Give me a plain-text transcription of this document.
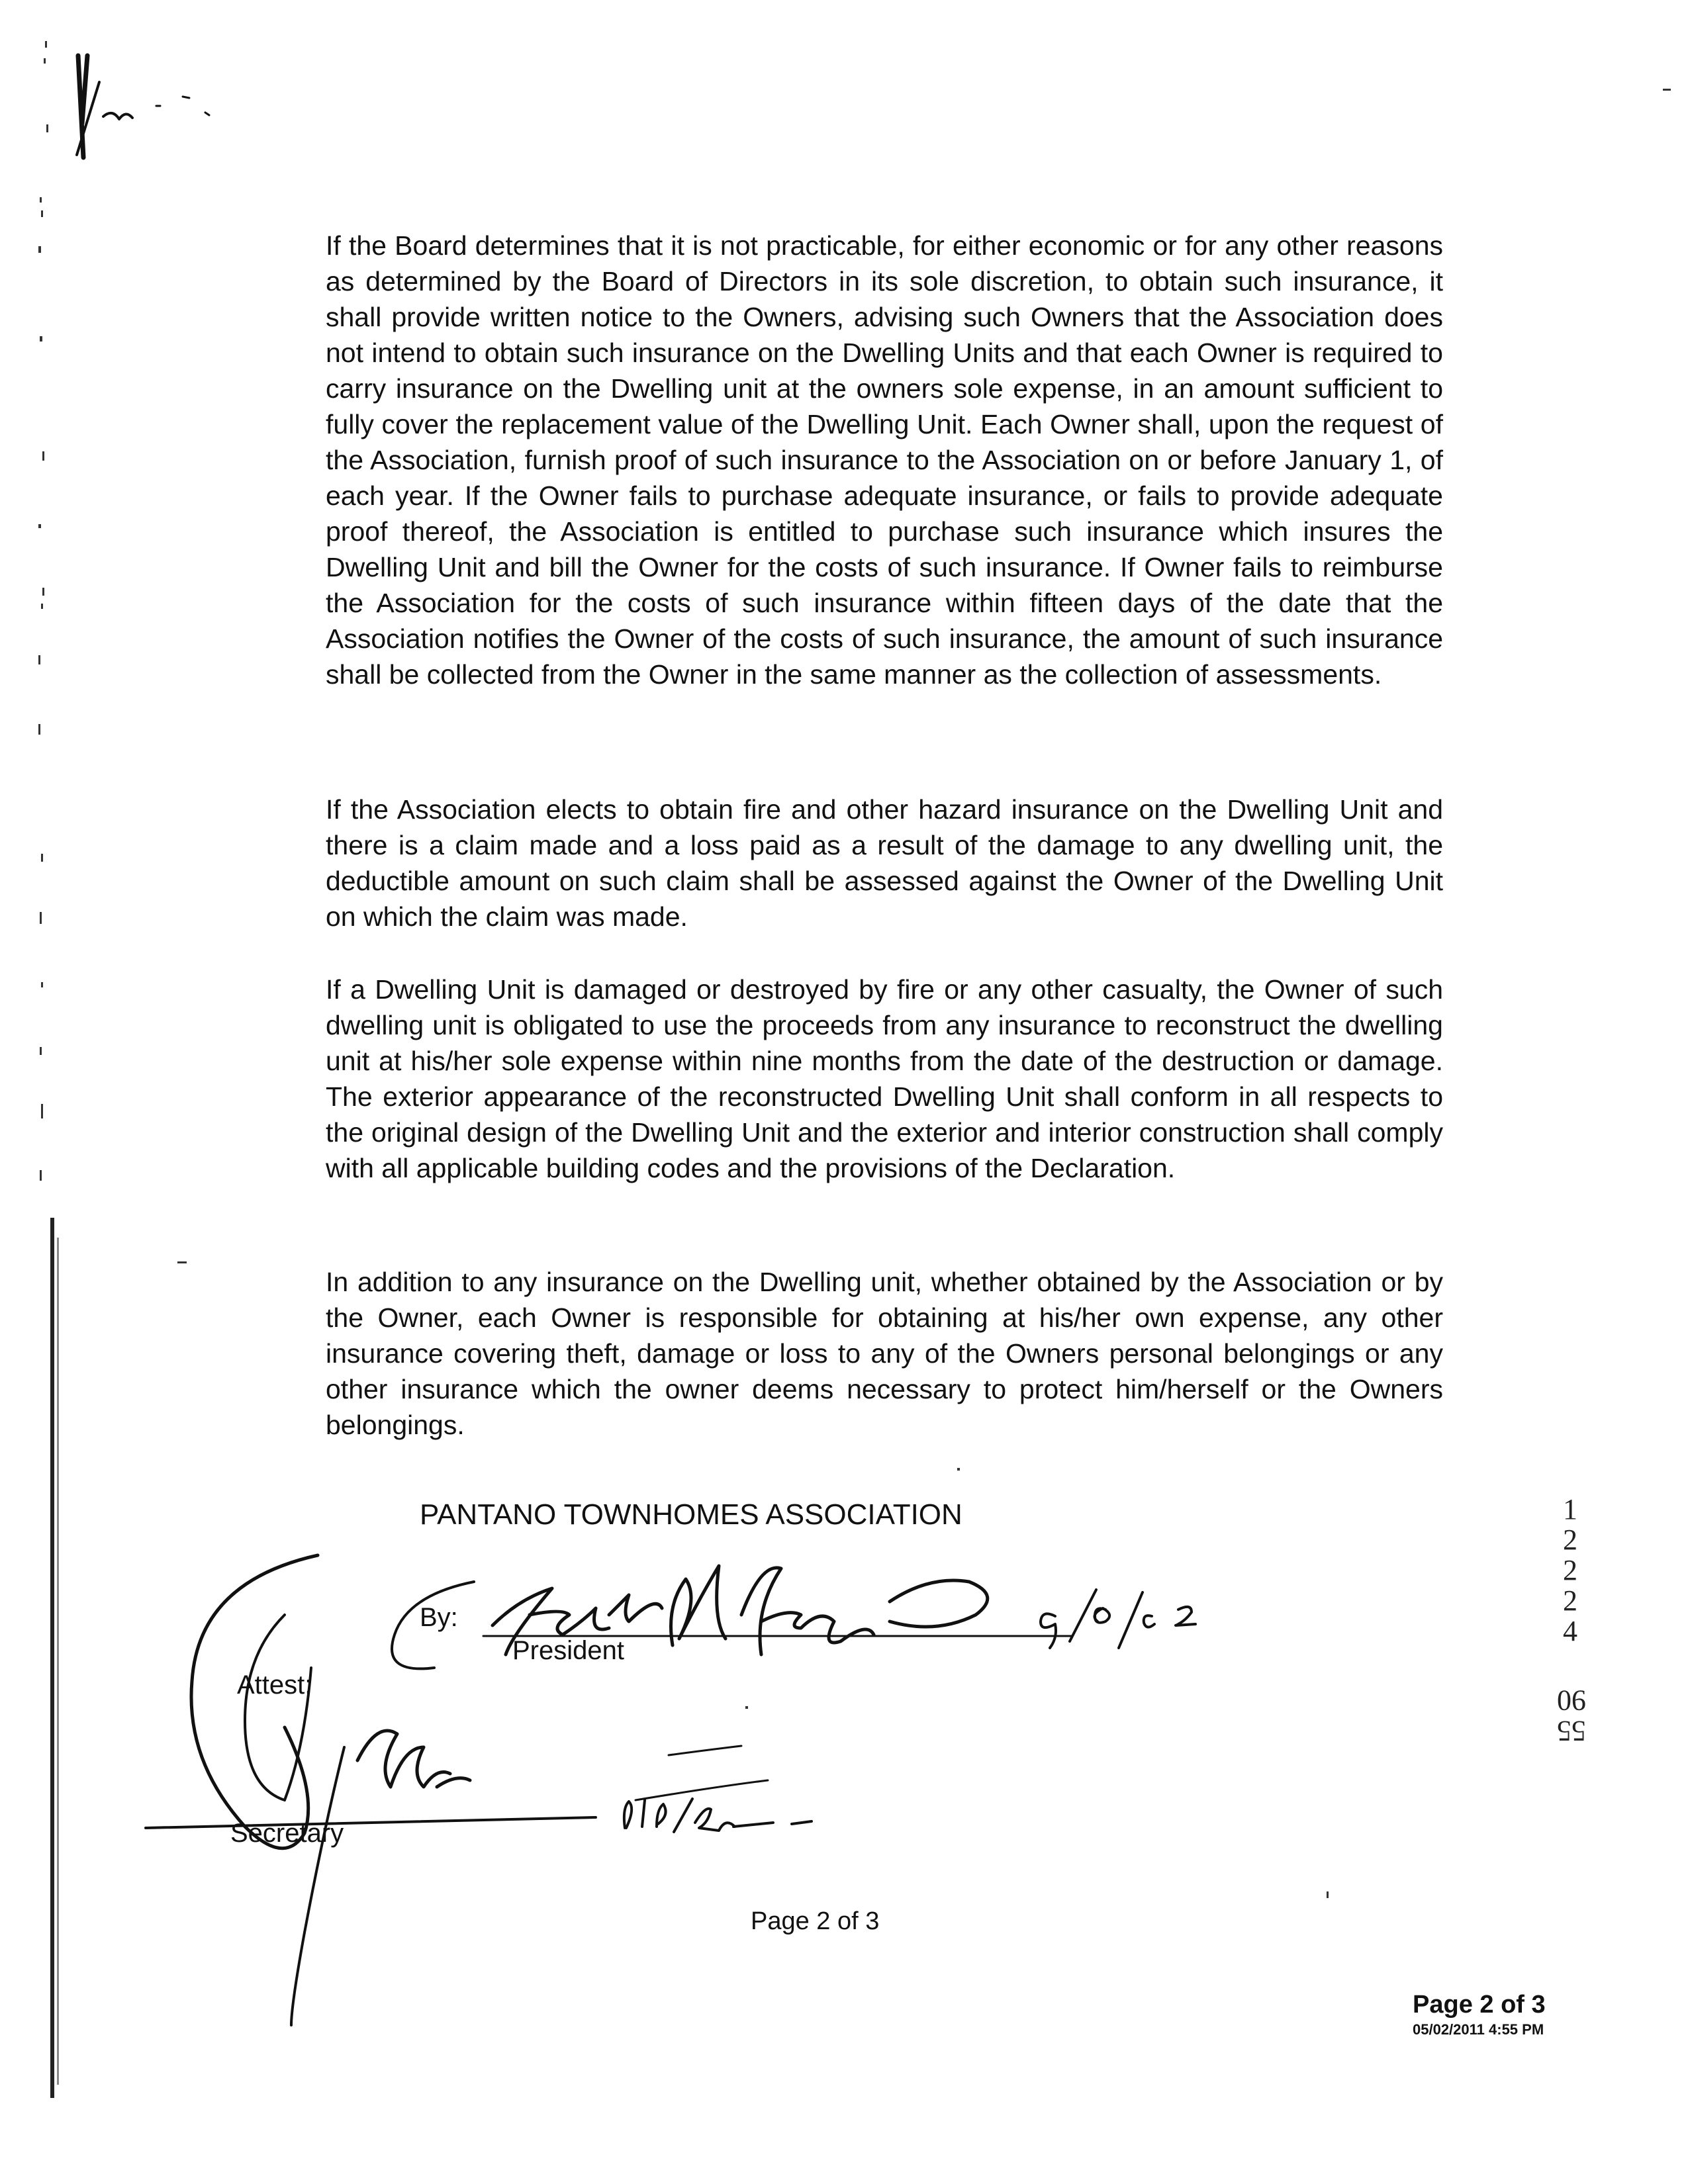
If the Board determines that it is not practicable, for either economic or for any other reasons as determined by the Board of Directors in its sole discretion, to obtain such insurance, it shall provide written notice to the Owners, advising such Owners that the Association does not intend to obtain such insurance on the Dwelling Units and that each Owner is required to carry insurance on the Dwelling unit at the owners sole expense, in an amount sufficient to fully cover the replacement value of the Dwelling Unit. Each Owner shall, upon the request of the Association, furnish proof of such insurance to the Association on or before January 1, of each year. If the Owner fails to purchase adequate insurance, or fails to provide adequate proof thereof, the Association is entitled to purchase such insurance which insures the Dwelling Unit and bill the Owner for the costs of such insurance. If Owner fails to reimburse the Association for the costs of such insurance within fifteen days of the date that the Association notifies the Owner of the costs of such insurance, the amount of such insurance shall be collected from the Owner in the same manner as the collection of assessments.

If the Association elects to obtain fire and other hazard insurance on the Dwelling Unit and there is a claim made and a loss paid as a result of the damage to any dwelling unit, the deductible amount on such claim shall be assessed against the Owner of the Dwelling Unit on which the claim was made.

If a Dwelling Unit is damaged or destroyed by fire or any other casualty, the Owner of such dwelling unit is obligated to use the proceeds from any insurance to reconstruct the dwelling unit at his/her sole expense within nine months from the date of the destruction or damage. The exterior appearance of the reconstructed Dwelling Unit shall conform in all respects to the original design of the Dwelling Unit and the exterior and interior construction shall comply with all applicable building codes and the provisions of the Declaration.

In addition to any insurance on the Dwelling unit, whether obtained by the Association or by the Owner, each Owner is responsible for obtaining at his/her own expense, any other insurance covering theft, damage or loss to any of the Owners personal belongings or any other insurance which the owner deems necessary to protect him/herself or the Owners belongings.

PANTANO TOWNHOMES ASSOCIATION
By:
President
Attest:
Secretary
Page 2 of 3
12224
5590
Page 2 of 3
05/02/2011 4:55 PM
